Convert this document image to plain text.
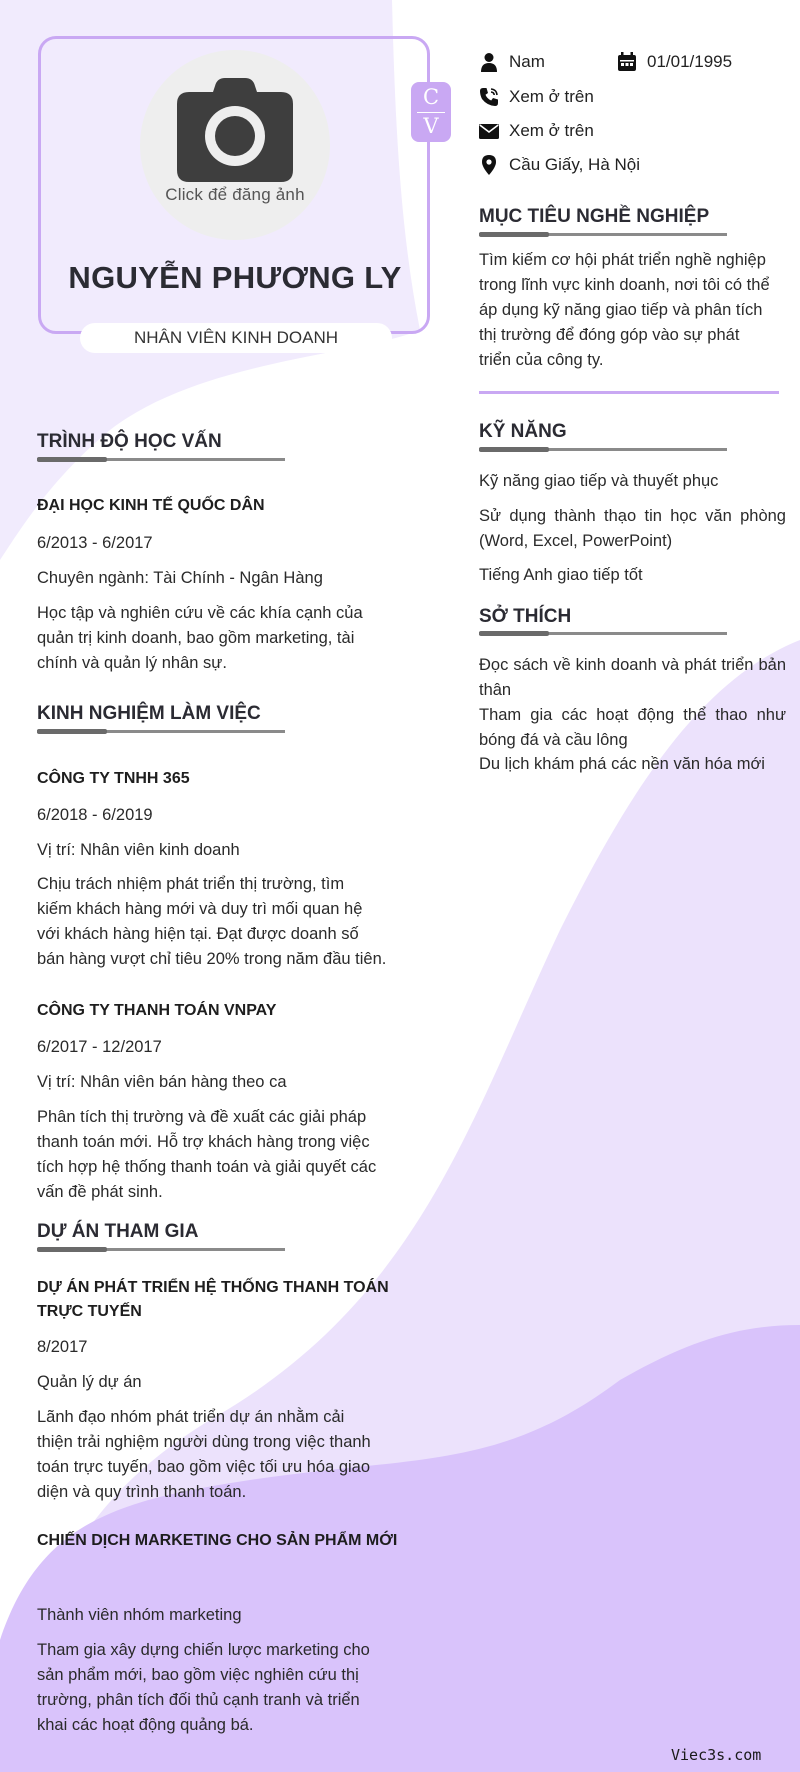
Click để đăng ảnh
NGUYỄN PHƯƠNG LY
NHÂN VIÊN KINH DOANH
C
V
Nam	01/01/1995
Xem ở trên
Xem ở trên
Cầu Giấy, Hà Nội
MỤC TIÊU NGHỀ NGHIỆP
Tìm kiếm cơ hội phát triển nghề nghiệp
trong lĩnh vực kinh doanh, nơi tôi có thể
áp dụng kỹ năng giao tiếp và phân tích
thị trường để đóng góp vào sự phát
triển của công ty.
KỸ NĂNG
Kỹ năng giao tiếp và thuyết phục
Sử dụng thành thạo tin học văn phòng (Word, Excel, PowerPoint)
Tiếng Anh giao tiếp tốt
SỞ THÍCH
Đọc sách về kinh doanh và phát triển bản thân
Tham gia các hoạt động thể thao như bóng đá và cầu lông
Du lịch khám phá các nền văn hóa mới
TRÌNH ĐỘ HỌC VẤN
ĐẠI HỌC KINH TẾ QUỐC DÂN
6/2013 - 6/2017
Chuyên ngành: Tài Chính - Ngân Hàng
Học tập và nghiên cứu về các khía cạnh của
quản trị kinh doanh, bao gồm marketing, tài
chính và quản lý nhân sự.
KINH NGHIỆM LÀM VIỆC
CÔNG TY TNHH 365
6/2018 - 6/2019
Vị trí: Nhân viên kinh doanh
Chịu trách nhiệm phát triển thị trường, tìm
kiếm khách hàng mới và duy trì mối quan hệ
với khách hàng hiện tại. Đạt được doanh số
bán hàng vượt chỉ tiêu 20% trong năm đầu tiên.
CÔNG TY THANH TOÁN VNPAY
6/2017 - 12/2017
Vị trí: Nhân viên bán hàng theo ca
Phân tích thị trường và đề xuất các giải pháp
thanh toán mới. Hỗ trợ khách hàng trong việc
tích hợp hệ thống thanh toán và giải quyết các
vấn đề phát sinh.
DỰ ÁN THAM GIA
DỰ ÁN PHÁT TRIỂN HỆ THỐNG THANH TOÁN
TRỰC TUYẾN
8/2017
Quản lý dự án
Lãnh đạo nhóm phát triển dự án nhằm cải
thiện trải nghiệm người dùng trong việc thanh
toán trực tuyến, bao gồm việc tối ưu hóa giao
diện và quy trình thanh toán.
CHIẾN DỊCH MARKETING CHO SẢN PHẨM MỚI
Thành viên nhóm marketing
Tham gia xây dựng chiến lược marketing cho
sản phẩm mới, bao gồm việc nghiên cứu thị
trường, phân tích đối thủ cạnh tranh và triển
khai các hoạt động quảng bá.
Viec3s.com
